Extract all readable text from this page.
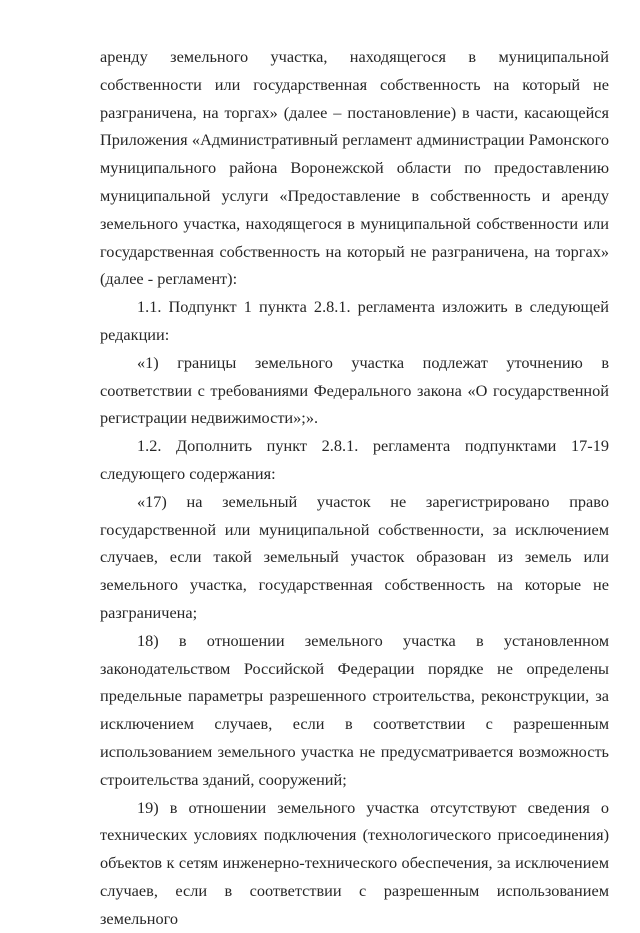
аренду земельного участка, находящегося в муниципальной собственности или государственная собственность на который не разграничена, на торгах» (далее – постановление) в части, касающейся Приложения «Административный регламент администрации Рамонского муниципального района Воронежской области по предоставлению муниципальной услуги «Предоставление в собственность и аренду земельного участка, находящегося в муниципальной собственности или государственная собственность на который не разграничена, на торгах» (далее - регламент):

1.1. Подпункт 1 пункта 2.8.1. регламента изложить в следующей редакции:

«1) границы земельного участка подлежат уточнению в соответствии с требованиями Федерального закона «О государственной регистрации недвижимости»;».

1.2. Дополнить пункт 2.8.1. регламента подпунктами 17-19 следующего содержания:

«17) на земельный участок не зарегистрировано право государственной или муниципальной собственности, за исключением случаев, если такой земельный участок образован из земель или земельного участка, государственная собственность на которые не разграничена;

18) в отношении земельного участка в установленном законодательством Российской Федерации порядке не определены предельные параметры разрешенного строительства, реконструкции, за исключением случаев, если в соответствии с разрешенным использованием земельного участка не предусматривается возможность строительства зданий, сооружений;

19) в отношении земельного участка отсутствуют сведения о технических условиях подключения (технологического присоединения) объектов к сетям инженерно-технического обеспечения, за исключением случаев, если в соответствии с разрешенным использованием земельного
